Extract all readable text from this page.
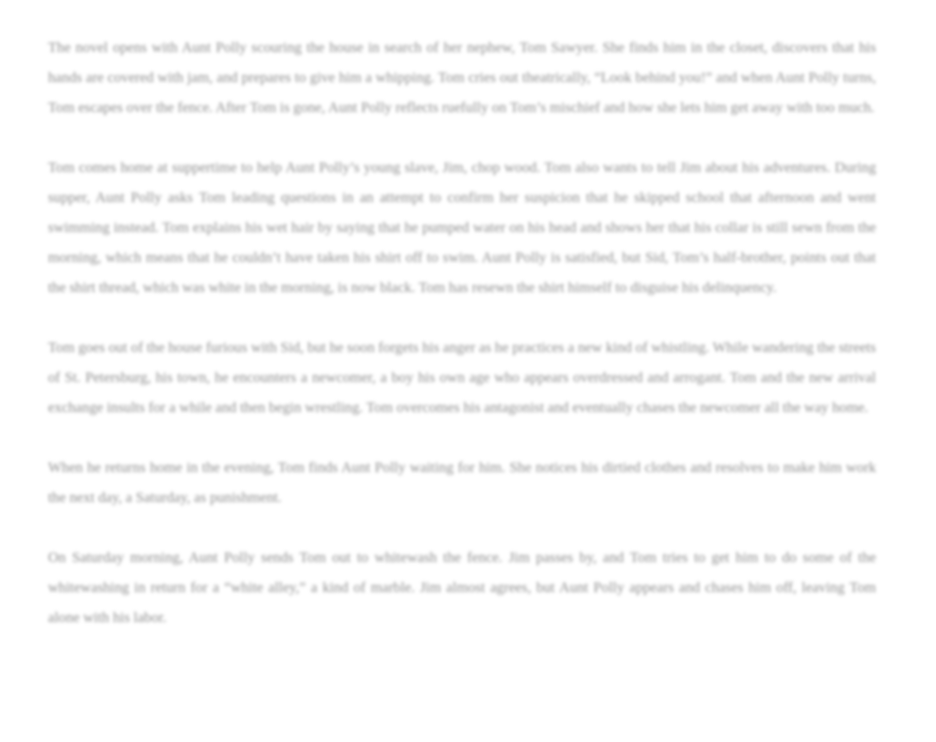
The novel opens with Aunt Polly scouring the house in search of her nephew, Tom Sawyer. She finds him in the closet, discovers that his hands are covered with jam, and prepares to give him a whipping. Tom cries out theatrically, “Look behind you!” and when Aunt Polly turns, Tom escapes over the fence. After Tom is gone, Aunt Polly reflects ruefully on Tom’s mischief and how she lets him get away with too much.

Tom comes home at suppertime to help Aunt Polly’s young slave, Jim, chop wood. Tom also wants to tell Jim about his adventures. During supper, Aunt Polly asks Tom leading questions in an attempt to confirm her suspicion that he skipped school that afternoon and went swimming instead. Tom explains his wet hair by saying that he pumped water on his head and shows her that his collar is still sewn from the morning, which means that he couldn’t have taken his shirt off to swim. Aunt Polly is satisfied, but Sid, Tom’s half-brother, points out that the shirt thread, which was white in the morning, is now black. Tom has resewn the shirt himself to disguise his delinquency.

Tom goes out of the house furious with Sid, but he soon forgets his anger as he practices a new kind of whistling. While wandering the streets of St. Petersburg, his town, he encounters a newcomer, a boy his own age who appears overdressed and arrogant. Tom and the new arrival exchange insults for a while and then begin wrestling. Tom overcomes his antagonist and eventually chases the newcomer all the way home.

When he returns home in the evening, Tom finds Aunt Polly waiting for him. She notices his dirtied clothes and resolves to make him work the next day, a Saturday, as punishment.

On Saturday morning, Aunt Polly sends Tom out to whitewash the fence. Jim passes by, and Tom tries to get him to do some of the whitewashing in return for a “white alley,” a kind of marble. Jim almost agrees, but Aunt Polly appears and chases him off, leaving Tom alone with his labor.
